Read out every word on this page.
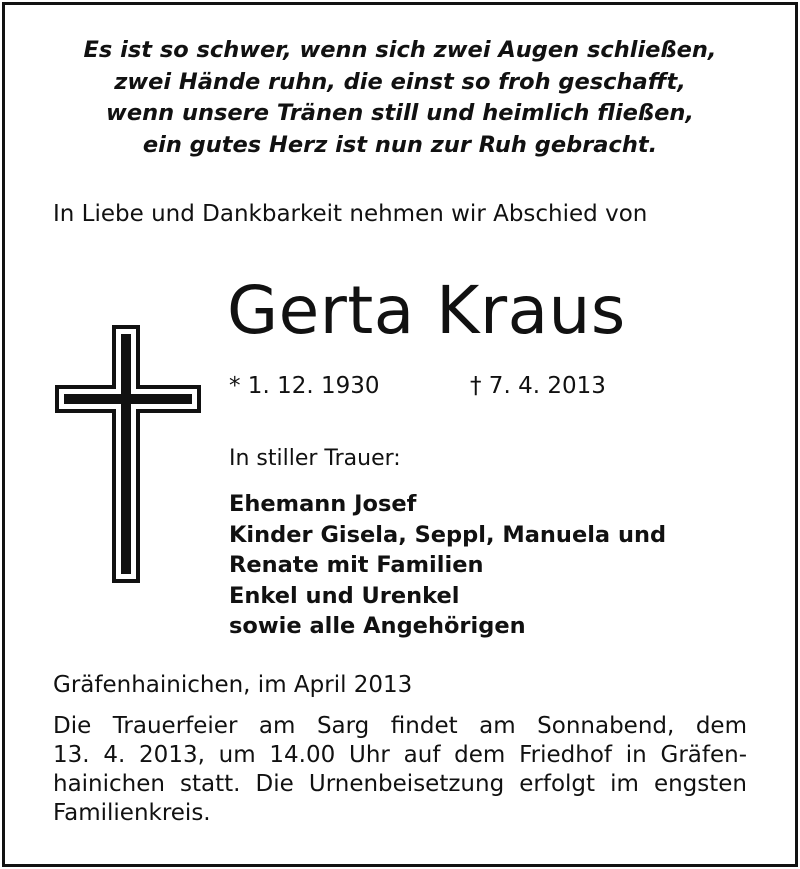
Es ist so schwer, wenn sich zwei Augen schließen,
zwei Hände ruhn, die einst so froh geschafft,
wenn unsere Tränen still und heimlich fließen,
ein gutes Herz ist nun zur Ruh gebracht.
In Liebe und Dankbarkeit nehmen wir Abschied von
Gerta Kraus
* 1. 12. 1930	† 7. 4. 2013
In stiller Trauer:
Ehemann Josef
Kinder Gisela, Seppl, Manuela und
Renate mit Familien
Enkel und Urenkel
sowie alle Angehörigen
Gräfenhainichen, im April 2013
Die Trauerfeier am Sarg findet am Sonnabend, dem
13. 4. 2013, um 14.00 Uhr auf dem Friedhof in Gräfen-
hainichen statt. Die Urnenbeisetzung erfolgt im engsten
Familienkreis.
